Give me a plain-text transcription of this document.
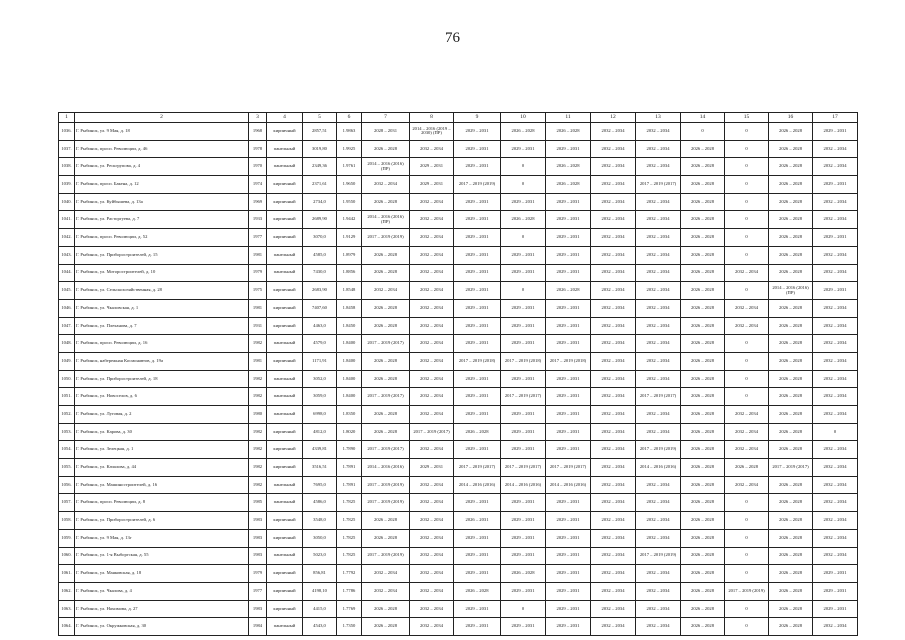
76
1	2	3	4	5	6	7	8	9	10	11	12	13	14	15	16	17
1036.	Г. Рыбинск, ул. 9 Мая, д. 18	1968	кирпичный	2857,51	1.9863	2028 – 2031	2014 – 2016 (2019 – 2030) (ПР)	2029 – 2031	2026 – 2028	2026 – 2028	2032 – 2034	2032 – 2034	0	0	2026 – 2028	2029 – 2031
1037.	Г. Рыбинск, просп. Революции, д. 46	1978	панельный	3019,80	1.9925	2026 – 2028	2032 – 2034	2029 – 2031	2029 – 2031	2029 – 2031	2032 – 2034	2032 – 2034	2026 – 2028	0	2026 – 2028	2032 – 2034
1038.	Г. Рыбинск, ул. Рескгрупова, д. 4	1970	панельный	2349,36	1.9761	2014 – 2016 (2016) (ПР)	2029 – 2031	2029 – 2031	0	2026 – 2028	2032 – 2034	2032 – 2034	2026 – 2028	0	2026 – 2028	2032 – 2034
1039.	Г. Рыбинск, просп. Бакена, д. 12	1974	кирпичный	2371,61	1.9650	2032 – 2034	2029 – 2031	2017 – 2019 (2019)	0	2026 – 2028	2032 – 2034	2017 – 2019 (2017)	2026 – 2028	0	2026 – 2028	2029 – 2031
1040.	Г. Рыбинск, ул. Куйбышева, д. 13а	1969	кирпичный	2734,0	1.9550	2026 – 2028	2032 – 2034	2029 – 2031	2029 – 2031	2029 – 2031	2032 – 2034	2032 – 2034	2026 – 2028	0	2026 – 2028	2032 – 2034
1041.	Г. Рыбинск, ул. Расторгуева, д. 7	1933	кирпичный	2689,90	1.9442	2014 – 2016 (2016) (ПР)	2032 – 2034	2029 – 2031	2026 – 2028	2029 – 2031	2032 – 2034	2032 – 2034	2026 – 2028	0	2026 – 2028	2032 – 2034
1042.	Г. Рыбинск, просп. Революции, д. 52	1977	кирпичный	3070,0	1.9129	2017 – 2019 (2019)	2032 – 2034	2029 – 2031	0	2029 – 2031	2032 – 2034	2032 – 2034	2026 – 2028	0	2026 – 2028	2029 – 2031
1043.	Г. Рыбинск, ул. Приборостроителей, д. 15	1981	панельный	4585,0	1.8979	2026 – 2028	2032 – 2034	2029 – 2031	2029 – 2031	2029 – 2031	2032 – 2034	2032 – 2034	2026 – 2028	0	2026 – 2028	2032 – 2034
1044.	Г. Рыбинск, ул. Моторостроителей, д. 10	1979	панельный	7430,0	1.8856	2026 – 2028	2032 – 2034	2029 – 2031	2029 – 2031	2029 – 2031	2032 – 2034	2032 – 2034	2026 – 2028	2032 – 2034	2026 – 2028	2032 – 2034
1045.	Г. Рыбинск, ул. Сельскохозяйственная, д. 28	1975	кирпичный	2683,90	1.8548	2032 – 2034	2032 – 2034	2029 – 2031	0	2026 – 2028	2032 – 2034	2032 – 2034	2026 – 2028	0	2014 – 2016 (2016) (ПР)	2029 – 2031
1046.	Г. Рыбинск, ул. Чкаловская, д. 1	1981	кирпичный	7407,60	1.8458	2026 – 2028	2032 – 2034	2029 – 2031	2029 – 2031	2029 – 2031	2032 – 2034	2032 – 2034	2026 – 2028	2032 – 2034	2026 – 2028	2032 – 2034
1047.	Г. Рыбинск, ул. Плеханова, д. 7	1931	кирпичный	4463,0	1.8450	2026 – 2028	2032 – 2034	2029 – 2031	2029 – 2031	2029 – 2031	2032 – 2034	2032 – 2034	2026 – 2028	2032 – 2034	2026 – 2028	2032 – 2034
1048.	Г. Рыбинск, просп. Революции, д. 16	1982	панельный	4579,0	1.8400	2017 – 2019 (2017)	2032 – 2034	2029 – 2031	2029 – 2031	2029 – 2031	2032 – 2034	2032 – 2034	2026 – 2028	0	2026 – 2028	2032 – 2034
1049.	Г. Рыбинск, набережная Космонавтов, д. 19а	1981	кирпичный	1171,91	1.8400	2026 – 2028	2032 – 2034	2017 – 2019 (2018)	2017 – 2019 (2018)	2017 – 2019 (2018)	2032 – 2034	2032 – 2034	2026 – 2028	0	2026 – 2028	2032 – 2034
1050.	Г. Рыбинск, ул. Приборостроителей, д. 18	1982	панельный	3052,0	1.8400	2026 – 2028	2032 – 2034	2029 – 2031	2029 – 2031	2029 – 2031	2032 – 2034	2032 – 2034	2026 – 2028	0	2026 – 2028	2032 – 2034
1051.	Г. Рыбинск, ул. Новоселов, д. 6	1982	панельный	3059,0	1.8400	2017 – 2019 (2017)	2032 – 2034	2029 – 2031	2017 – 2019 (2017)	2029 – 2031	2032 – 2034	2017 – 2019 (2017)	2026 – 2028	0	2026 – 2028	2032 – 2034
1052.	Г. Рыбинск, ул. Луговая, д. 2	1980	панельный	6998,0	1.8350	2026 – 2028	2032 – 2034	2029 – 2031	2029 – 2031	2029 – 2031	2032 – 2034	2032 – 2034	2026 – 2028	2032 – 2034	2026 – 2028	2032 – 2034
1053.	Г. Рыбинск, ул. Карова, д. 30	1982	кирпичный	4812,0	1.8020	2026 – 2028	2017 – 2019 (2017)	2026 – 2028	2029 – 2031	2029 – 2031	2032 – 2034	2032 – 2034	2026 – 2028	2032 – 2034	2026 – 2028	0
1054.	Г. Рыбинск, ул. Зелецкая, д. 1	1982	кирпичный	4339,81	1.7890	2017 – 2019 (2017)	2032 – 2034	2029 – 2031	2029 – 2031	2029 – 2031	2032 – 2034	2017 – 2019 (2019)	2026 – 2028	2032 – 2034	2026 – 2028	2032 – 2034
1055.	Г. Рыбинск, ул. Качалова, д. 44	1982	кирпичный	3516,51	1.7891	2014 – 2016 (2016)	2029 – 2031	2017 – 2019 (2017)	2017 – 2019 (2017)	2017 – 2019 (2017)	2032 – 2034	2014 – 2016 (2016)	2026 – 2028	2026 – 2028	2017 – 2019 (2017)	2032 – 2034
1056.	Г. Рыбинск, ул. Машиностроителей, д. 16	1982	панельный	7695,0	1.7891	2017 – 2019 (2019)	2032 – 2034	2014 – 2016 (2016)	2014 – 2016 (2016)	2014 – 2016 (2016)	2032 – 2034	2032 – 2034	2026 – 2028	2032 – 2034	2026 – 2028	2032 – 2034
1057.	Г. Рыбинск, просп. Революции, д. 8	1985	панельный	4586,0	1.7825	2017 – 2019 (2019)	2032 – 2034	2029 – 2031	2029 – 2031	2029 – 2031	2032 – 2034	2032 – 2034	2026 – 2028	0	2026 – 2028	2032 – 2034
1058.	Г. Рыбинск, ул. Приборостроителей, д. 6	1983	кирпичный	3548,0	1.7825	2026 – 2028	2032 – 2034	2026 – 2031	2029 – 2031	2029 – 2031	2032 – 2034	2032 – 2034	2026 – 2028	0	2026 – 2028	2032 – 2034
1059.	Г. Рыбинск, ул. 9 Мая, д. 13г	1983	кирпичный	3050,0	1.7825	2026 – 2028	2032 – 2034	2029 – 2031	2029 – 2031	2029 – 2031	2032 – 2034	2032 – 2034	2026 – 2028	0	2026 – 2028	2032 – 2034
1060.	Г. Рыбинск, ул. 1-я Выборгская, д. 55	1983	панельный	5023,0	1.7825	2017 – 2019 (2019)	2032 – 2034	2029 – 2031	2029 – 2031	2029 – 2031	2032 – 2034	2017 – 2019 (2019)	2026 – 2028	0	2026 – 2028	2032 – 2034
1061.	Г. Рыбинск, ул. Маяковская, д. 18	1979	кирпичный	856,81	1.7792	2032 – 2034	2032 – 2034	2029 – 2031	2026 – 2028	2029 – 2031	2032 – 2034	2032 – 2034	2026 – 2028	0	2026 – 2028	2029 – 2031
1062.	Г. Рыбинск, ул. Чкалова, д. 4	1977	кирпичный	4198,10	1.7786	2032 – 2034	2032 – 2034	2026 – 2028	2029 – 2031	2029 – 2031	2032 – 2034	2032 – 2034	2026 – 2028	2017 – 2019 (2019)	2026 – 2028	2029 – 2031
1063.	Г. Рыбинск, ул. Нахимова, д. 27	1983	кирпичный	4415,0	1.7769	2026 – 2028	2032 – 2034	2029 – 2031	0	2029 – 2031	2032 – 2034	2032 – 2034	2026 – 2028	0	2026 – 2028	2029 – 2031
1064.	Г. Рыбинск, ул. Окружковская, д. 30	1984	панельный	4543,0	1.7350	2026 – 2028	2032 – 2034	2029 – 2031	2029 – 2031	2029 – 2031	2032 – 2034	2032 – 2034	2026 – 2028	0	2026 – 2028	2032 – 2034
